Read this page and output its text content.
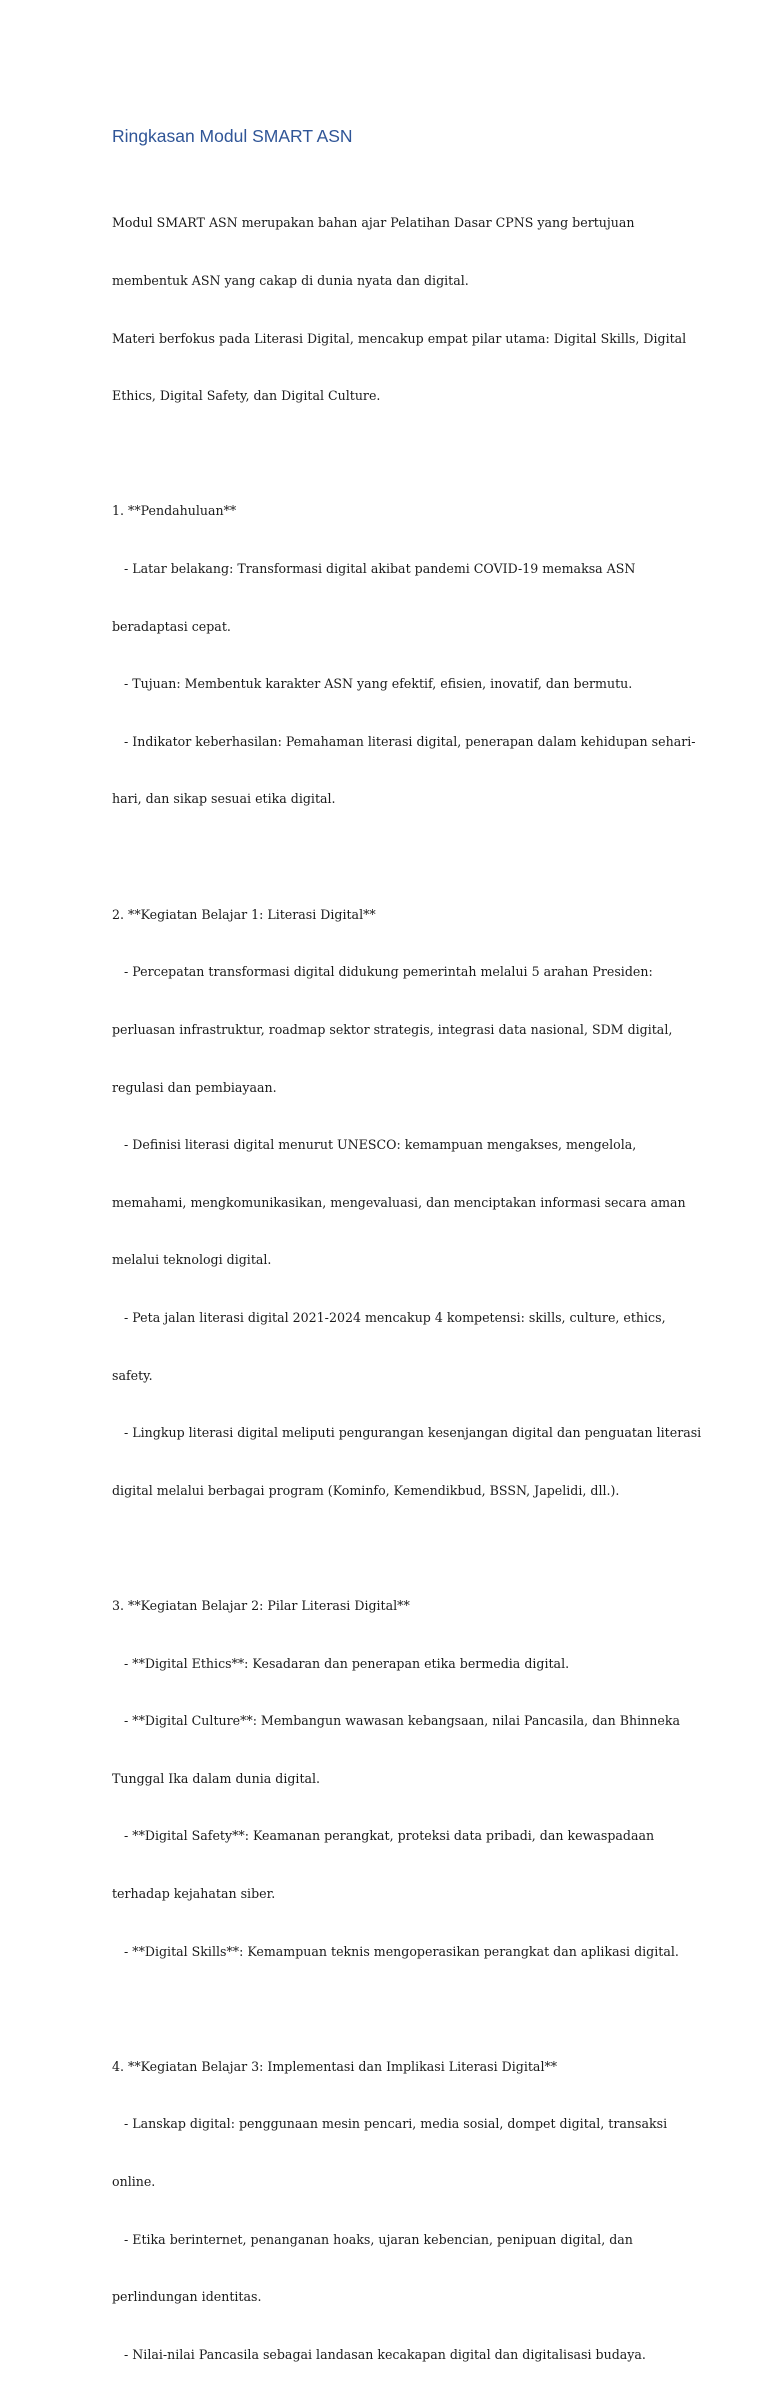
Ringkasan Modul SMART ASN

Modul SMART ASN merupakan bahan ajar Pelatihan Dasar CPNS yang bertujuan

membentuk ASN yang cakap di dunia nyata dan digital.

Materi berfokus pada Literasi Digital, mencakup empat pilar utama: Digital Skills, Digital

Ethics, Digital Safety, dan Digital Culture.

1. **Pendahuluan**

- Latar belakang: Transformasi digital akibat pandemi COVID-19 memaksa ASN

beradaptasi cepat.

- Tujuan: Membentuk karakter ASN yang efektif, efisien, inovatif, dan bermutu.

- Indikator keberhasilan: Pemahaman literasi digital, penerapan dalam kehidupan sehari-

hari, dan sikap sesuai etika digital.

2. **Kegiatan Belajar 1: Literasi Digital**

- Percepatan transformasi digital didukung pemerintah melalui 5 arahan Presiden:

perluasan infrastruktur, roadmap sektor strategis, integrasi data nasional, SDM digital,

regulasi dan pembiayaan.

- Definisi literasi digital menurut UNESCO: kemampuan mengakses, mengelola,

memahami, mengkomunikasikan, mengevaluasi, dan menciptakan informasi secara aman

melalui teknologi digital.

- Peta jalan literasi digital 2021-2024 mencakup 4 kompetensi: skills, culture, ethics,

safety.

- Lingkup literasi digital meliputi pengurangan kesenjangan digital dan penguatan literasi

digital melalui berbagai program (Kominfo, Kemendikbud, BSSN, Japelidi, dll.).

3. **Kegiatan Belajar 2: Pilar Literasi Digital**

- **Digital Ethics**: Kesadaran dan penerapan etika bermedia digital.

- **Digital Culture**: Membangun wawasan kebangsaan, nilai Pancasila, dan Bhinneka

Tunggal Ika dalam dunia digital.

- **Digital Safety**: Keamanan perangkat, proteksi data pribadi, dan kewaspadaan

terhadap kejahatan siber.

- **Digital Skills**: Kemampuan teknis mengoperasikan perangkat dan aplikasi digital.

4. **Kegiatan Belajar 3: Implementasi dan Implikasi Literasi Digital**

- Lanskap digital: penggunaan mesin pencari, media sosial, dompet digital, transaksi

online.

- Etika berinternet, penanganan hoaks, ujaran kebencian, penipuan digital, dan

perlindungan identitas.

- Nilai-nilai Pancasila sebagai landasan kecakapan digital dan digitalisasi budaya.
